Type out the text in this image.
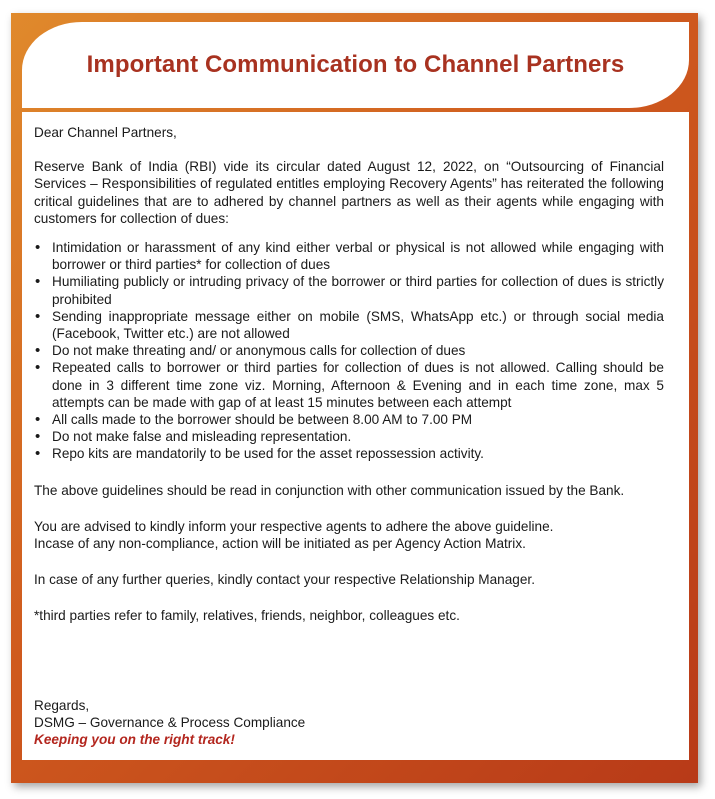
Important Communication to Channel Partners

Dear Channel Partners,

Reserve Bank of India (RBI) vide its circular dated August 12, 2022, on “Outsourcing of Financial Services – Responsibilities of regulated entitles employing Recovery Agents” has reiterated the following critical guidelines that are to adhered by channel partners as well as their agents while engaging with customers for collection of dues:

• Intimidation or harassment of any kind either verbal or physical is not allowed while engaging with borrower or third parties* for collection of dues
• Humiliating publicly or intruding privacy of the borrower or third parties for collection of dues is strictly prohibited
• Sending inappropriate message either on mobile (SMS, WhatsApp etc.) or through social media (Facebook, Twitter etc.) are not allowed
• Do not make threating and/ or anonymous calls for collection of dues
• Repeated calls to borrower or third parties for collection of dues is not allowed. Calling should be done in 3 different time zone viz. Morning, Afternoon & Evening and in each time zone, max 5 attempts can be made with gap of at least 15 minutes between each attempt
• All calls made to the borrower should be between 8.00 AM to 7.00 PM
• Do not make false and misleading representation.
• Repo kits are mandatorily to be used for the asset repossession activity.

The above guidelines should be read in conjunction with other communication issued by the Bank.

You are advised to kindly inform your respective agents to adhere the above guideline.

Incase of any non-compliance, action will be initiated as per Agency Action Matrix.

In case of any further queries, kindly contact your respective Relationship Manager.

*third parties refer to family, relatives, friends, neighbor, colleagues etc.

Regards,
DSMG – Governance & Process Compliance
Keeping you on the right track!
